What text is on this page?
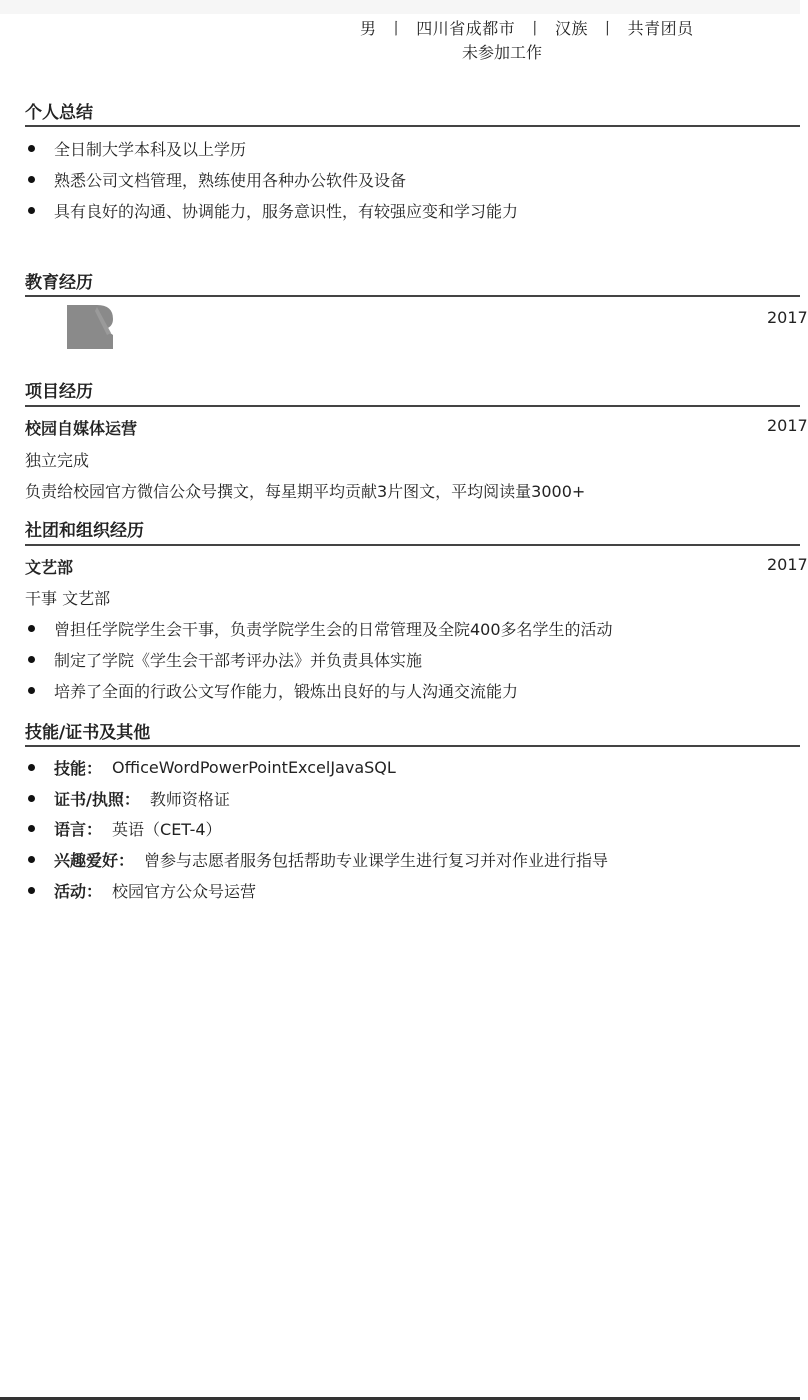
男 丨 四川省成都市 丨 汉族 丨 共青团员
未参加工作
个人总结
全日制大学本科及以上学历
熟悉公司文档管理，熟练使用各种办公软件及设备
具有良好的沟通、协调能力，服务意识性，有较强应变和学习能力
教育经历
2017
项目经历
校园自媒体运营	2017
独立完成
负责给校园官方微信公众号撰文，每星期平均贡献3片图文，平均阅读量3000+
社团和组织经历
文艺部	2017
干事 文艺部
曾担任学院学生会干事，负责学院学生会的日常管理及全院400多名学生的活动
制定了学院《学生会干部考评办法》并负责具体实施
培养了全面的行政公文写作能力，锻炼出良好的与人沟通交流能力
技能/证书及其他
技能： OfficeWordPowerPointExcelJavaSQL
证书/执照： 教师资格证
语言： 英语（CET-4）
兴趣爱好： 曾参与志愿者服务包括帮助专业课学生进行复习并对作业进行指导
活动： 校园官方公众号运营
